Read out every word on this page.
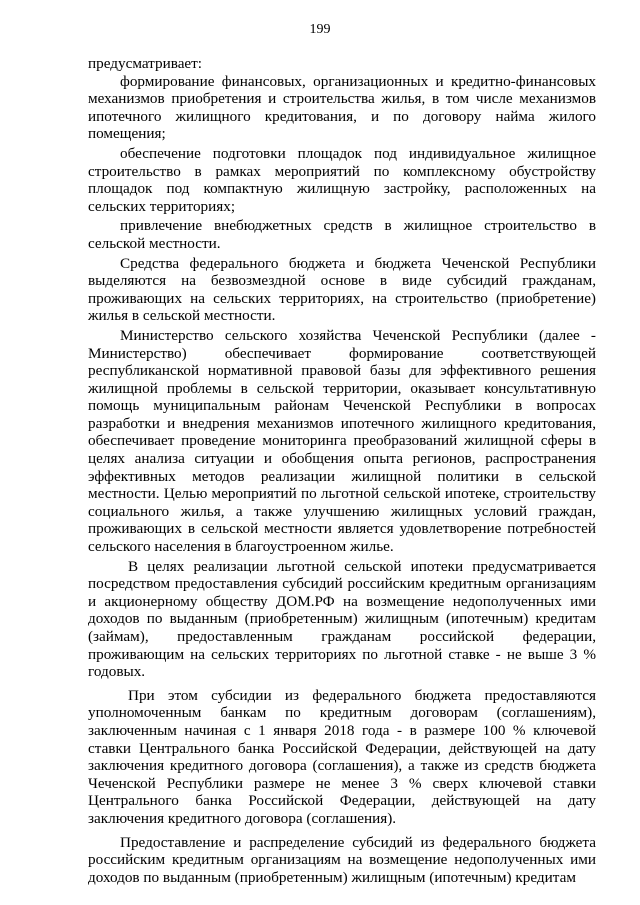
199

предусматривает:

формирование финансовых, организационных и кредитно-финансовых механизмов приобретения и строительства жилья, в том числе механизмов ипотечного жилищного кредитования, и по договору найма жилого помещения;

обеспечение подготовки площадок под индивидуальное жилищное строительство в рамках мероприятий по комплексному обустройству площадок под компактную жилищную застройку, расположенных на сельских территориях;

привлечение внебюджетных средств в жилищное строительство в сельской местности.

Средства федерального бюджета и бюджета Чеченской Республики выделяются на безвозмездной основе в виде субсидий гражданам, проживающих на сельских территориях, на строительство (приобретение) жилья в сельской местности.

Министерство сельского хозяйства Чеченской Республики (далее - Министерство) обеспечивает формирование соответствующей республиканской нормативной правовой базы для эффективного решения жилищной проблемы в сельской территории, оказывает консультативную помощь муниципальным районам Чеченской Республики в вопросах разработки и внедрения механизмов ипотечного жилищного кредитования, обеспечивает проведение мониторинга преобразований жилищной сферы в целях анализа ситуации и обобщения опыта регионов, распространения эффективных методов реализации жилищной политики в сельской местности. Целью мероприятий по льготной сельской ипотеке, строительству социального жилья, а также улучшению жилищных условий граждан, проживающих в сельской местности является удовлетворение потребностей сельского населения в благоустроенном жилье.

В целях реализации льготной сельской ипотеки предусматривается посредством предоставления субсидий российским кредитным организациям и акционерному обществу ДОМ.РФ на возмещение недополученных ими доходов по выданным (приобретенным) жилищным (ипотечным) кредитам (займам), предоставленным гражданам российской федерации, проживающим на сельских территориях по льготной ставке - не выше 3 % годовых.

При этом субсидии из федерального бюджета предоставляются уполномоченным банкам по кредитным договорам (соглашениям), заключенным начиная с 1 января 2018 года - в размере 100 % ключевой ставки Центрального банка Российской Федерации, действующей на дату заключения кредитного договора (соглашения), а также из средств бюджета Чеченской Республики размере не менее 3 % сверх ключевой ставки Центрального банка Российской Федерации, действующей на дату заключения кредитного договора (соглашения).

Предоставление и распределение субсидий из федерального бюджета российским кредитным организациям на возмещение недополученных ими доходов по выданным (приобретенным) жилищным (ипотечным) кредитам
